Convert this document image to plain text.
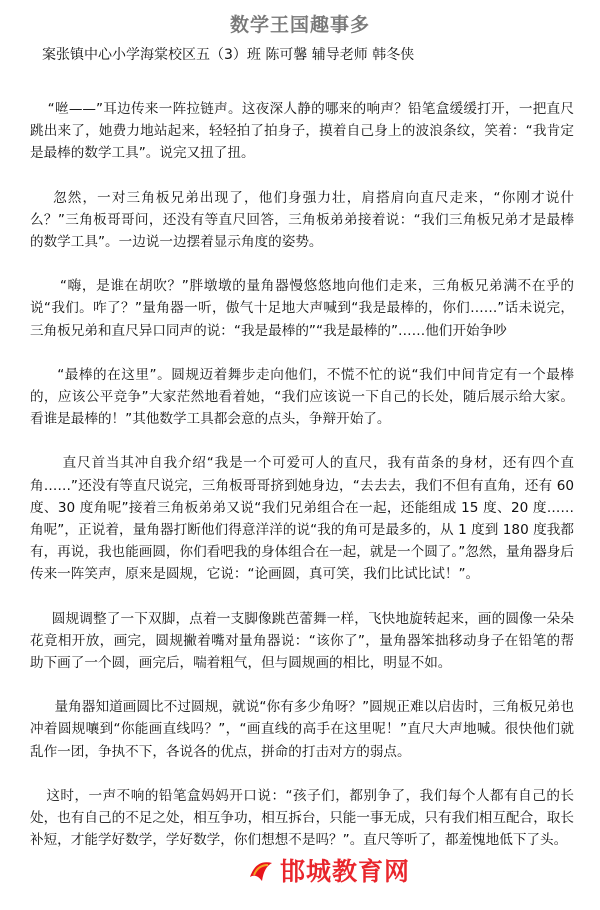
数学王国趣事多
案张镇中心小学海棠校区五（3）班 陈可馨 辅导老师 韩冬侠

“咝——”耳边传来一阵拉链声。这夜深人静的哪来的响声？铅笔盒缓缓打开，一把直尺跳出来了，她费力地站起来，轻轻拍了拍身子，摸着自己身上的波浪条纹，笑着：“我肯定是最棒的数学工具”。说完又扭了扭。

忽然，一对三角板兄弟出现了，他们身强力壮，肩搭肩向直尺走来，“你刚才说什么？”三角板哥哥问，还没有等直尺回答，三角板弟弟接着说：“我们三角板兄弟才是最棒的数学工具”。一边说一边摆着显示角度的姿势。

“嗨，是谁在胡吹？”胖墩墩的量角器慢悠悠地向他们走来，三角板兄弟满不在乎的说“我们。咋了？”量角器一听，傲气十足地大声喊到“我是最棒的，你们……”话未说完，三角板兄弟和直尺异口同声的说：“我是最棒的”“我是最棒的”……他们开始争吵

“最棒的在这里”。圆规迈着舞步走向他们，不慌不忙的说“我们中间肯定有一个最棒的，应该公平竞争”大家茫然地看着她，“我们应该说一下自己的长处，随后展示给大家。看谁是最棒的！”其他数学工具都会意的点头，争辩开始了。

直尺首当其冲自我介绍“我是一个可爱可人的直尺，我有苗条的身材，还有四个直角……”还没有等直尺说完，三角板哥哥挤到她身边，“去去去，我们不但有直角，还有 60 度、30 度角呢”接着三角板弟弟又说“我们兄弟组合在一起，还能组成 15 度、20 度……角呢”，正说着，量角器打断他们得意洋洋的说“我的角可是最多的，从 1 度到 180 度我都有，再说，我也能画圆，你们看吧我的身体组合在一起，就是一个圆了。”忽然，量角器身后传来一阵笑声，原来是圆规，它说：“论画圆，真可笑，我们比试比试！”。

圆规调整了一下双脚，点着一支脚像跳芭蕾舞一样，飞快地旋转起来，画的圆像一朵朵花竟相开放，画完，圆规撇着嘴对量角器说：“该你了”，量角器笨拙移动身子在铅笔的帮助下画了一个圆，画完后，喘着粗气，但与圆规画的相比，明显不如。

量角器知道画圆比不过圆规，就说“你有多少角呀？”圆规正难以启齿时，三角板兄弟也冲着圆规嚷到“你能画直线吗？”，“画直线的高手在这里呢！”直尺大声地喊。很快他们就乱作一团，争执不下，各说各的优点，拼命的打击对方的弱点。

这时，一声不响的铅笔盒妈妈开口说：“孩子们，都别争了，我们每个人都有自己的长处，也有自己的不足之处，相互争功，相互拆台，只能一事无成，只有我们相互配合，取长补短，才能学好数学，学好数学，你们想想不是吗？”。直尺等听了，都羞愧地低下了头。

邯城教育网
